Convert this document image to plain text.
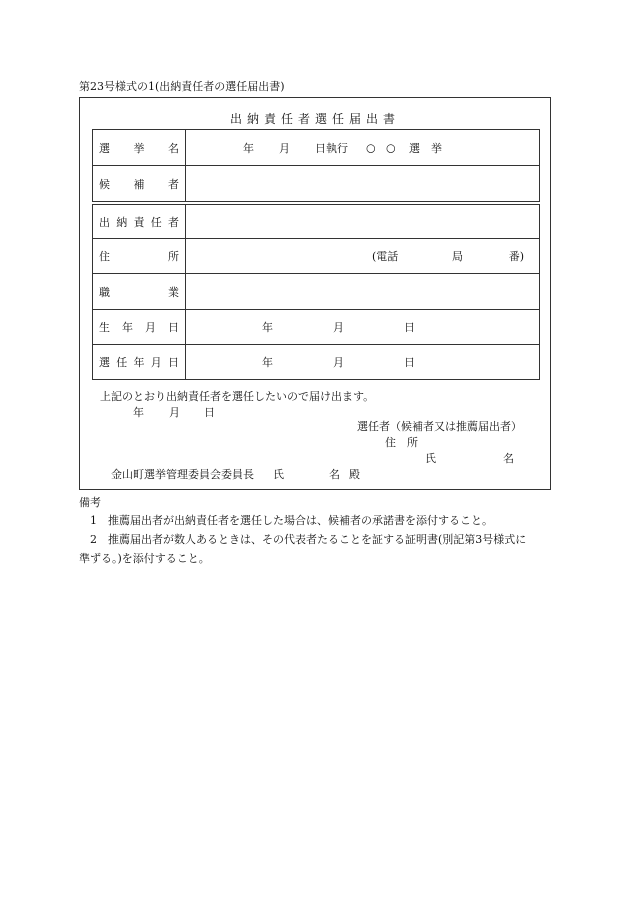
第23号様式の1(出納責任者の選任届出書)
出納責任者選任届出書
選 挙 名	年 月 日執行 ○ ○ 選　挙
候 補 者
出 納 責 任 者
住	所	(電話	局	番)
職	業
生 年 月 日	年	月	日
選 任 年 月 日	年	月	日
上記のとおり出納責任者を選任したいので届け出ます。
年 月 日
選任者（候補者又は推薦届出者）
住　所
氏	名
金山町選挙管理委員会委員長 氏	名 殿
備考
1　推薦届出者が出納責任者を選任した場合は、候補者の承諾書を添付すること。
2　推薦届出者が数人あるときは、その代表者たることを証する証明書(別記第3号様式に
準ずる。)を添付すること。
